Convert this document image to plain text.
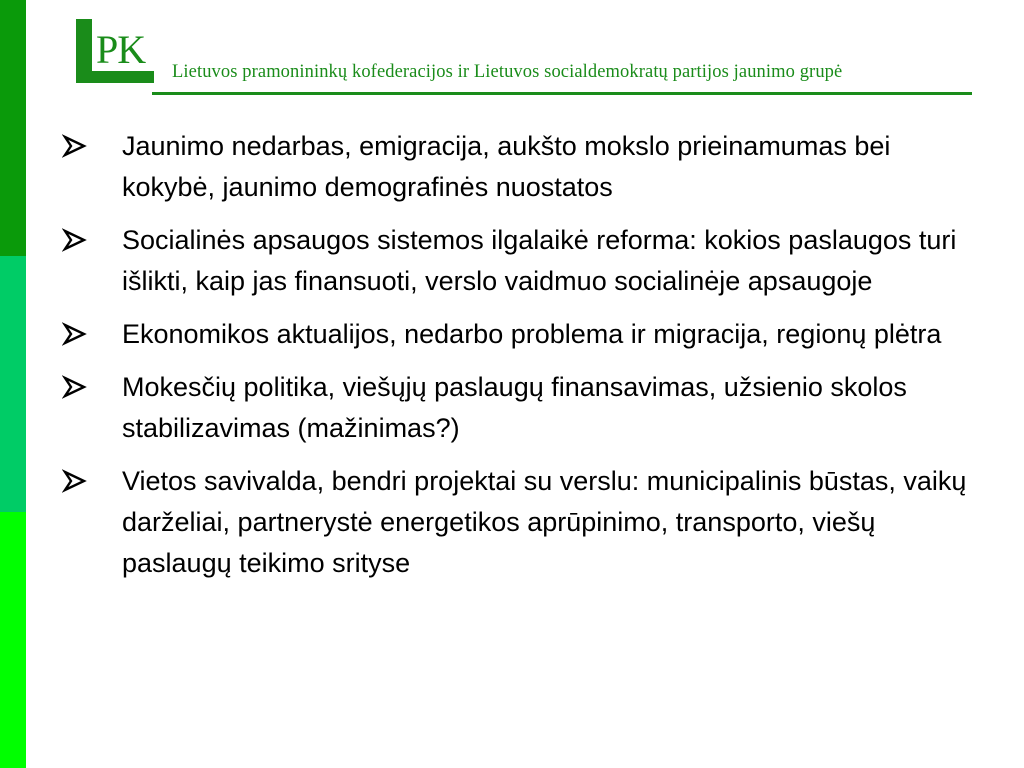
PK Lietuvos pramonininkų kofederacijos ir Lietuvos socialdemokratų partijos jaunimo grupė
Jaunimo nedarbas, emigracija, aukšto mokslo prieinamumas bei kokybė, jaunimo demografinės nuostatos
Socialinės apsaugos sistemos ilgalaikė reforma: kokios paslaugos turi išlikti, kaip jas finansuoti, verslo vaidmuo socialinėje apsaugoje
Ekonomikos aktualijos, nedarbo problema ir migracija, regionų plėtra
Mokesčių politika, viešųjų paslaugų finansavimas, užsienio skolos stabilizavimas (mažinimas?)
Vietos savivalda, bendri projektai su verslu: municipalinis būstas, vaikų darželiai, partnerystė energetikos aprūpinimo, transporto, viešų paslaugų teikimo srityse
